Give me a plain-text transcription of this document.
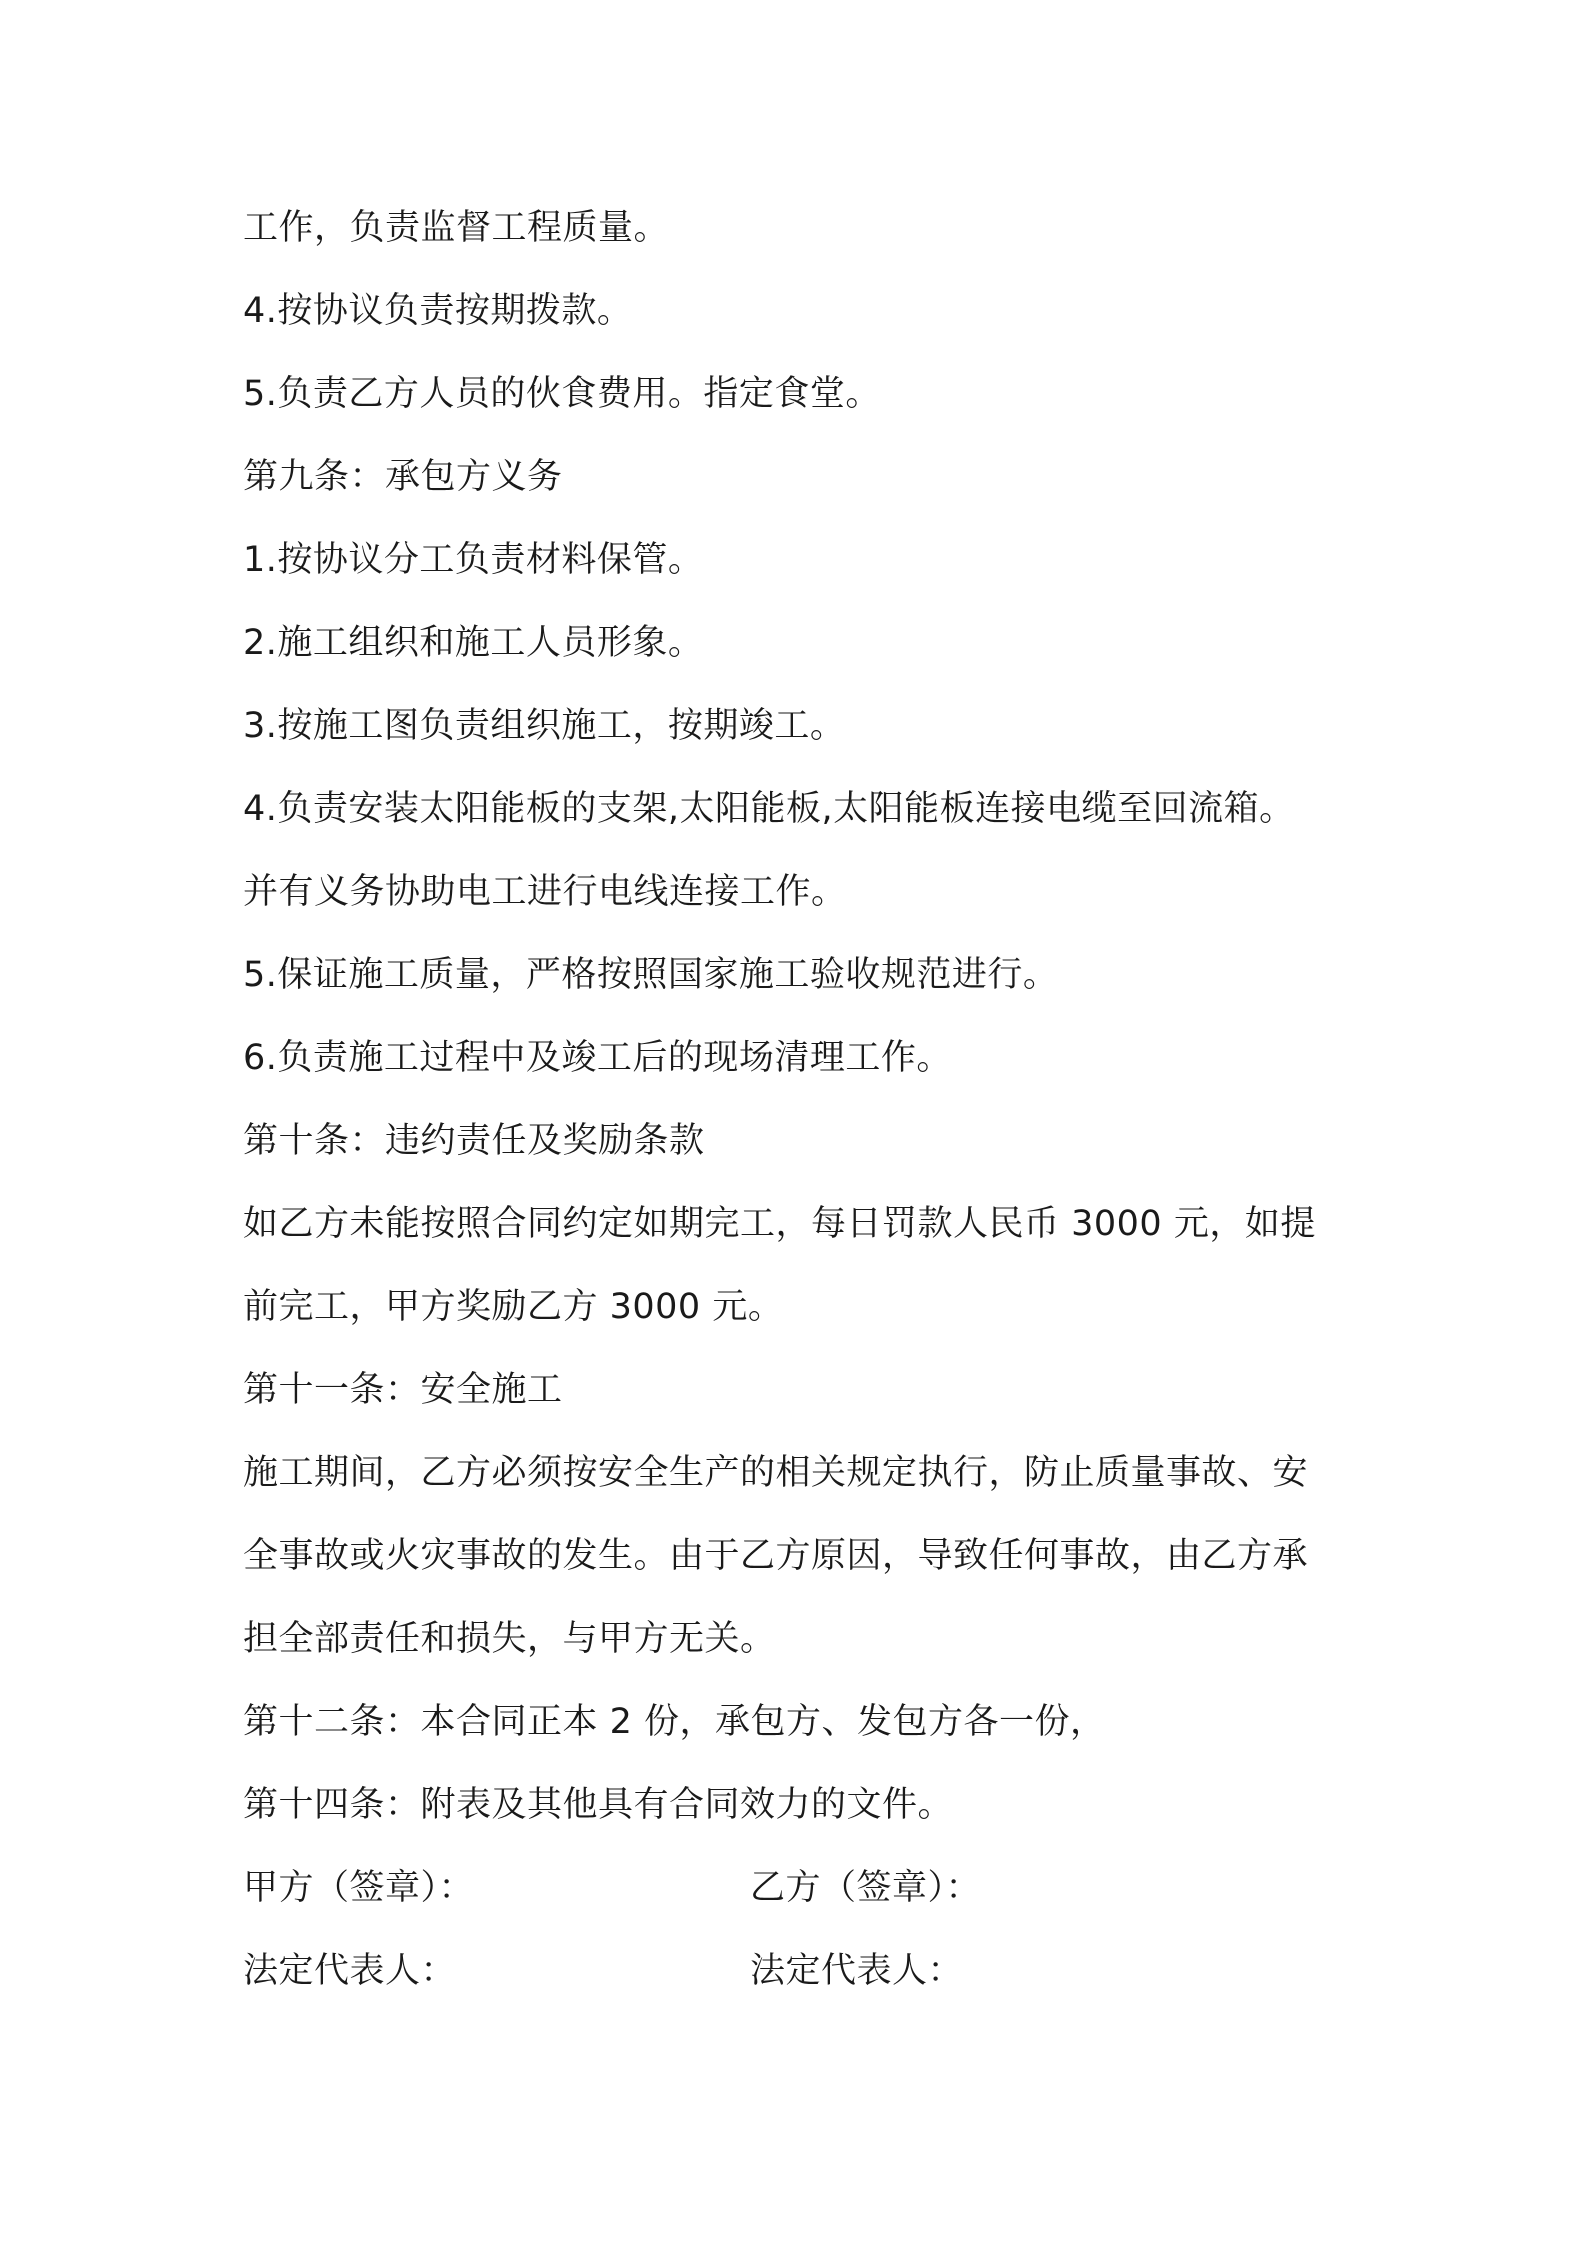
工作，负责监督工程质量。
4.按协议负责按期拨款。
5.负责乙方人员的伙食费用。指定食堂。
第九条：承包方义务
1.按协议分工负责材料保管。
2.施工组织和施工人员形象。
3.按施工图负责组织施工，按期竣工。
4.负责安装太阳能板的支架,太阳能板,太阳能板连接电缆至回流箱。
并有义务协助电工进行电线连接工作。
5.保证施工质量，严格按照国家施工验收规范进行。
6.负责施工过程中及竣工后的现场清理工作。
第十条：违约责任及奖励条款
如乙方未能按照合同约定如期完工，每日罚款人民币 3000 元，如提
前完工，甲方奖励乙方 3000 元。
第十一条：安全施工
施工期间，乙方必须按安全生产的相关规定执行，防止质量事故、安
全事故或火灾事故的发生。由于乙方原因，导致任何事故，由乙方承
担全部责任和损失，与甲方无关。
第十二条：本合同正本 2 份，承包方、发包方各一份，
第十四条：附表及其他具有合同效力的文件。
甲方（签章）：	乙方（签章）：
法定代表人：	法定代表人：
